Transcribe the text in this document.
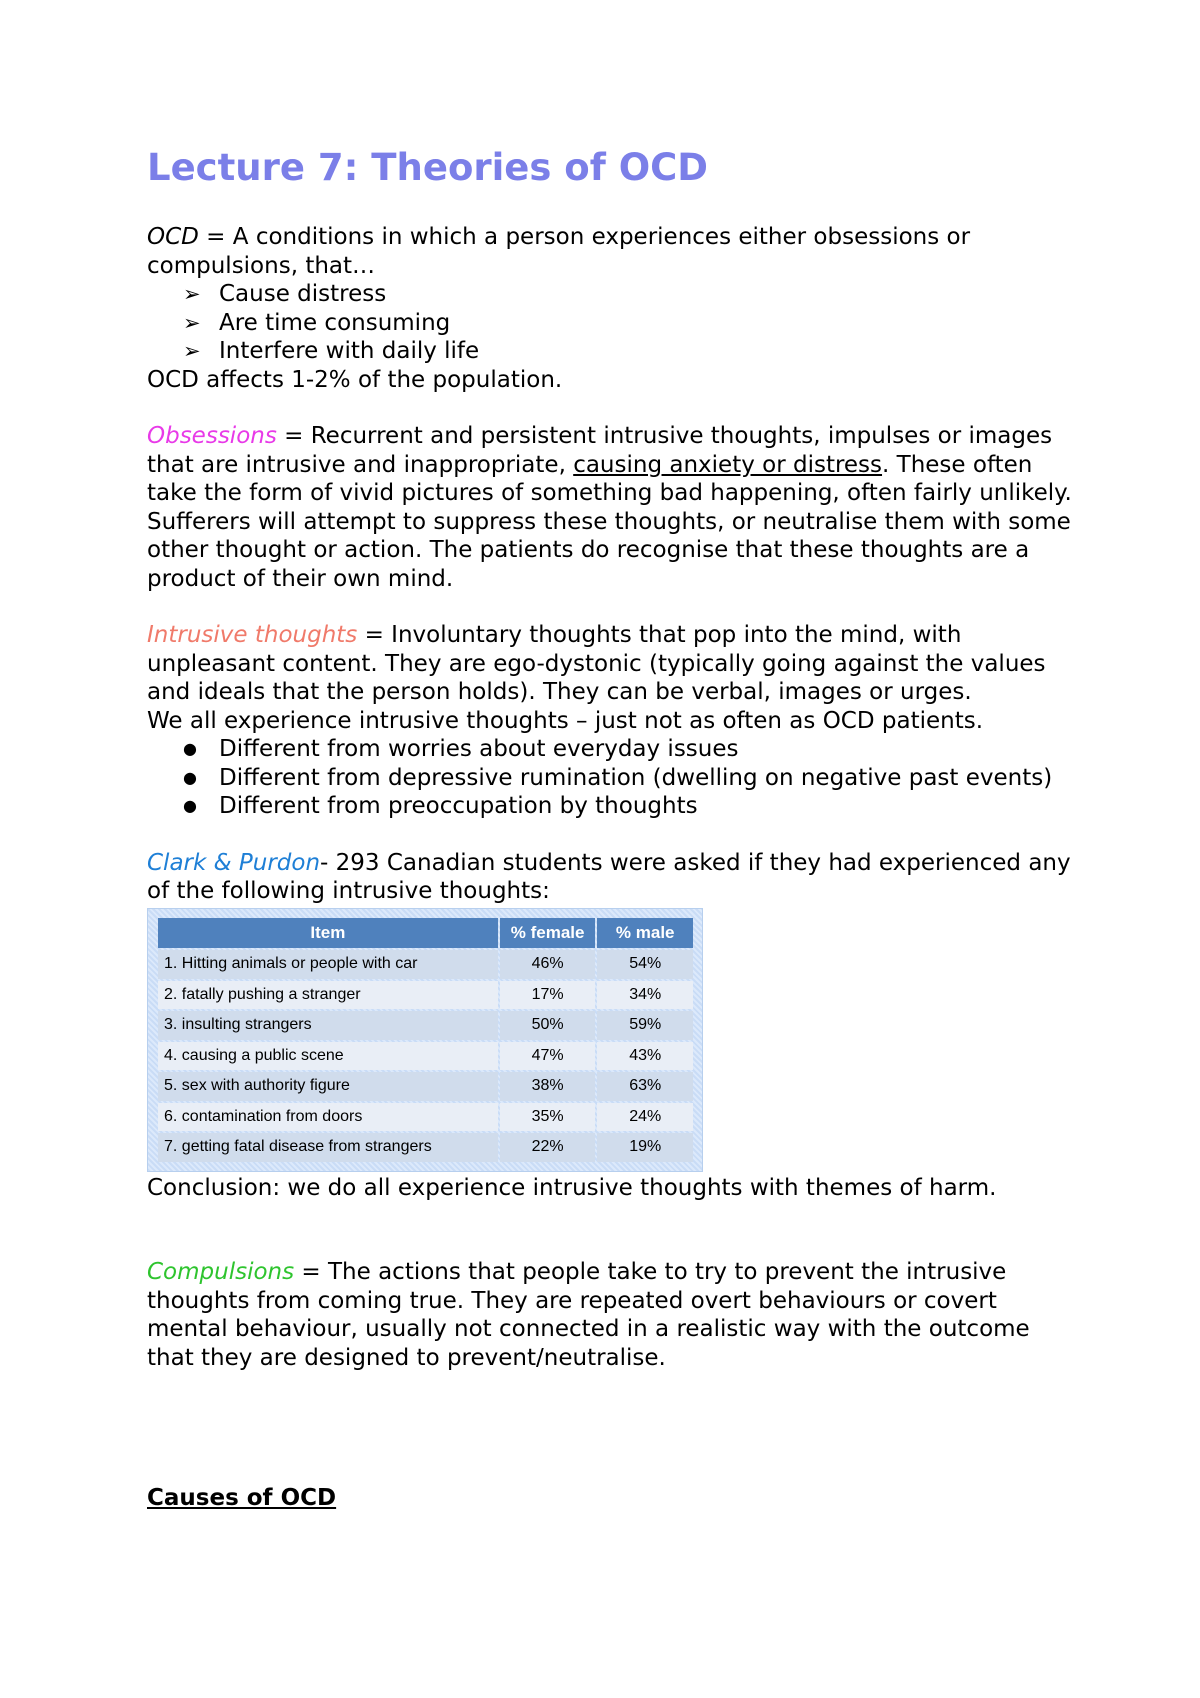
Lecture 7: Theories of OCD

OCD = A conditions in which a person experiences either obsessions or compulsions, that…

➢ Cause distress
➢ Are time consuming
➢ Interfere with daily life

OCD affects 1-2% of the population.

Obsessions = Recurrent and persistent intrusive thoughts, impulses or images that are intrusive and inappropriate, causing anxiety or distress. These often take the form of vivid pictures of something bad happening, often fairly unlikely. Sufferers will attempt to suppress these thoughts, or neutralise them with some other thought or action. The patients do recognise that these thoughts are a product of their own mind.

Intrusive thoughts = Involuntary thoughts that pop into the mind, with unpleasant content. They are ego-dystonic (typically going against the values and ideals that the person holds). They can be verbal, images or urges.

We all experience intrusive thoughts – just not as often as OCD patients.

● Different from worries about everyday issues
● Different from depressive rumination (dwelling on negative past events)
● Different from preoccupation by thoughts

Clark & Purdon- 293 Canadian students were asked if they had experienced any of the following intrusive thoughts:

Item	% female	% male
1. Hitting animals or people with car	46%	54%
2. fatally pushing a stranger	17%	34%
3. insulting strangers	50%	59%
4. causing a public scene	47%	43%
5. sex with authority figure	38%	63%
6. contamination from doors	35%	24%
7. getting fatal disease from strangers	22%	19%

Conclusion: we do all experience intrusive thoughts with themes of harm.

Compulsions = The actions that people take to try to prevent the intrusive thoughts from coming true. They are repeated overt behaviours or covert mental behaviour, usually not connected in a realistic way with the outcome that they are designed to prevent/neutralise.

Causes of OCD
